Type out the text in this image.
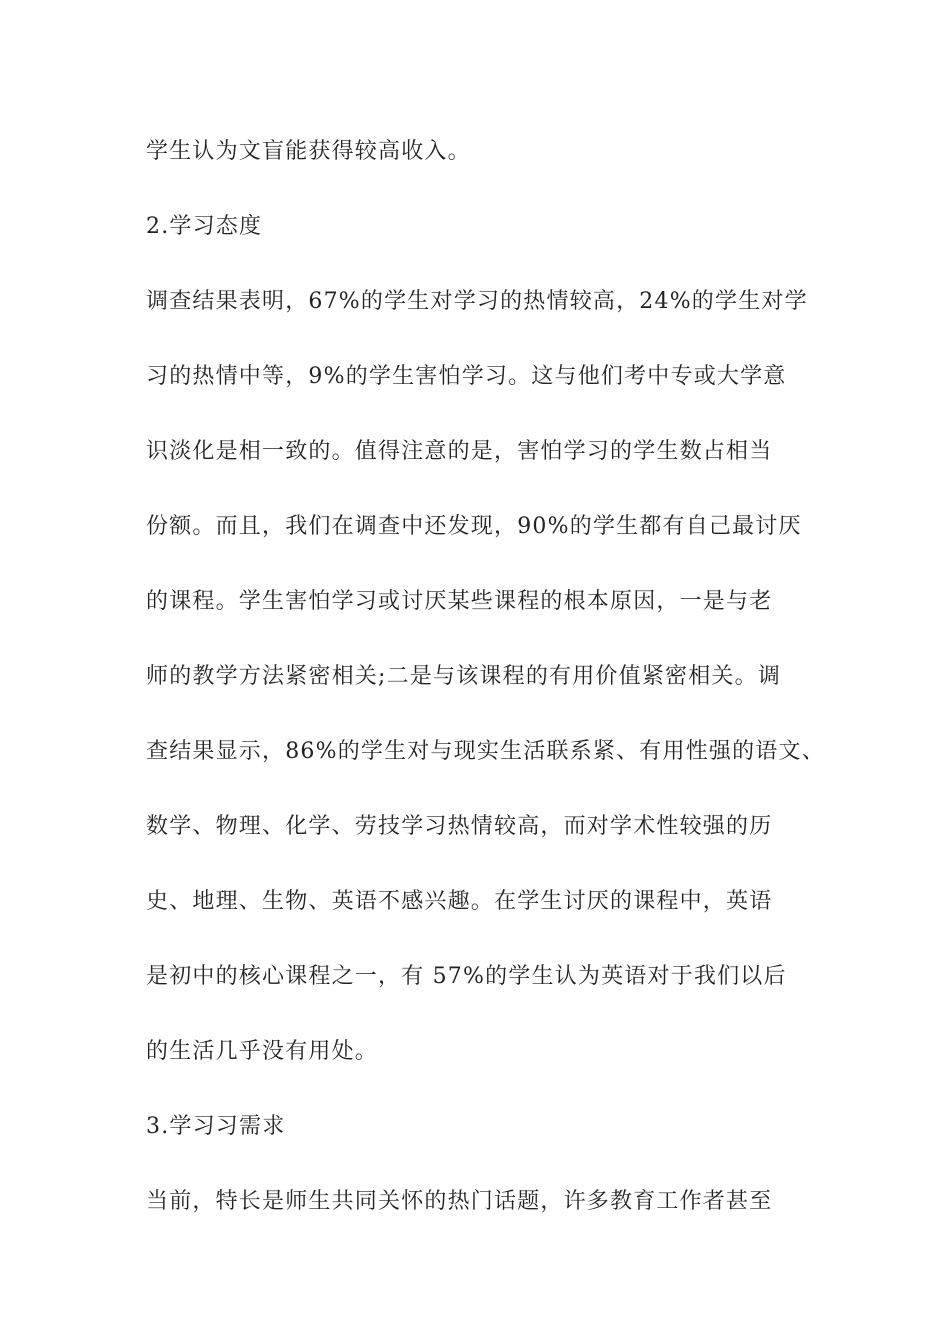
学生认为文盲能获得较高收入。
2.学习态度
调查结果表明，67%的学生对学习的热情较高，24%的学生对学
习的热情中等，9%的学生害怕学习。这与他们考中专或大学意
识淡化是相一致的。值得注意的是，害怕学习的学生数占相当
份额。而且，我们在调查中还发现，90%的学生都有自己最讨厌
的课程。学生害怕学习或讨厌某些课程的根本原因，一是与老
师的教学方法紧密相关;二是与该课程的有用价值紧密相关。调
查结果显示，86%的学生对与现实生活联系紧、有用性强的语文、
数学、物理、化学、劳技学习热情较高，而对学术性较强的历
史、地理、生物、英语不感兴趣。在学生讨厌的课程中，英语
是初中的核心课程之一，有 57%的学生认为英语对于我们以后
的生活几乎没有用处。
3.学习习需求
当前，特长是师生共同关怀的热门话题，许多教育工作者甚至
